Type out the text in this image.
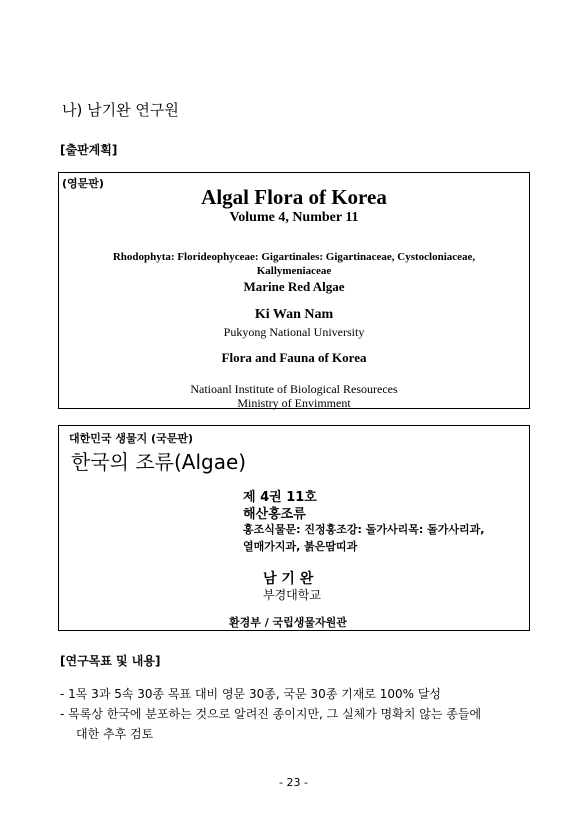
나) 남기완 연구원
[출판계획]
(영문판)
Algal Flora of Korea
Volume 4, Number 11
Rhodophyta: Florideophyceae: Gigartinales: Gigartinaceae, Cystocloniaceae,
Kallymeniaceae
Marine Red Algae
Ki Wan Nam
Pukyong National University
Flora and Fauna of Korea
Natioanl Institute of Biological Resoureces
Ministry of Envimment
대한민국 생물지 (국문판)
한국의 조류(Algae)
제 4권 11호
해산홍조류
홍조식물문: 진정홍조강: 돌가사리목: 돌가사리과,
열매가지과, 붉은땀띠과
남 기 완
부경대학교
환경부 / 국립생물자원관
[연구목표 및 내용]
- 1목 3과 5속 30종 목표 대비 영문 30종, 국문 30종 기재로 100% 달성
- 목록상 한국에 분포하는 것으로 알려진 종이지만, 그 실체가 명확치 않는 종들에
대한 추후 검토
- 23 -
